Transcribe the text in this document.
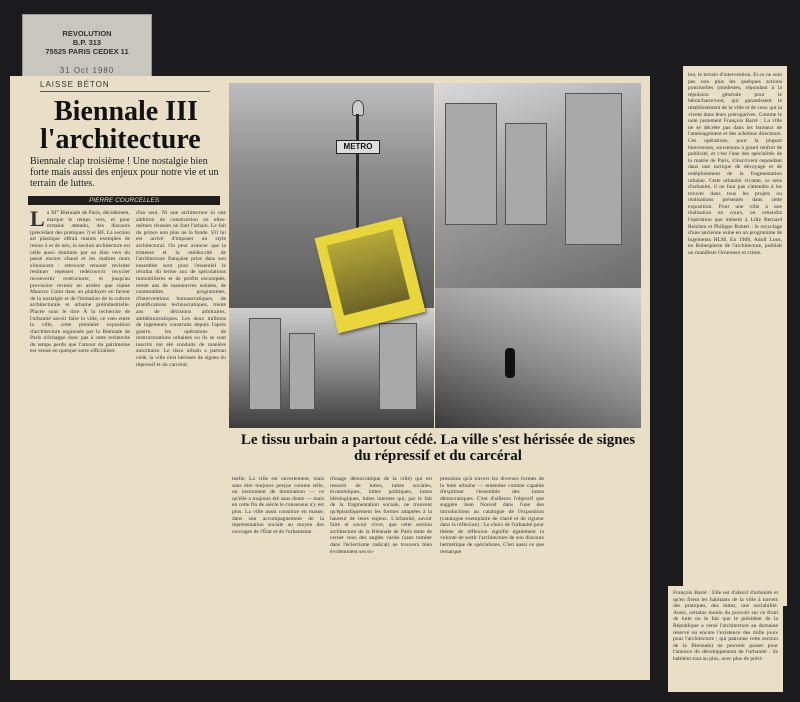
REVOLUTION
B.P. 313
75525 PARIS CEDEX 11
31 Oct 1980
LAISSE BÉTON
Biennale III
l'architecture
Biennale clap troisième ! Une nostalgie bien forte mais aussi des enjeux pour notre vie et un terrain de luttes.
PIERRE COURCELLES
L a XI° Biennale de Paris, décidément, marque le temps vers, et pour certains attendu, des discours (précédant des pratiques ?) et RF. La section art plastique offrait maints exemples de retour à et de néo, la section architecture est celle aussi dominée par un élan vers du passé encore chaud et les maîtres mots s'énoncent : retrouver renouer revisiter restituer repenser redécouvrir recycler reconvertir restructurer, et jusqu'au provisoire revenir en arrière que clame Maurice Culot dans un plaidoyer en faveur de la nostalgie et de l'imitation de la culture architecturale et urbaine préindustrielle. Placée sous le titre À la recherche de l'urbanité savoir faire la ville, ce vœu entre la ville, cette première exposition d'architecture organisée par la Biennale de Paris n'échappe donc pas à cette recherche du temps perdu que l'amour du patrimoine est venue en quelque sorte officialiser.
d'un seul. Ni une architecture ni une addition de construction en elles-mêmes réussies ne font l'urbain. Le fait du prince non plus ne la fonde. S'il lui est arrivé d'imposer un style architectural. On peut avancer que la tristesse et la médiocrité de l'architecture française prise dans son ensemble sont pour l'essentiel le résultat du terme aux de spéculations immobilières et de profits escomptés, trente ans de manœuvres soluées, de contestables programmes, d'interventions bureaucratiques, de planifications technocratiques, trente ans de décisions arbitraires, antidémocratiques. Les deux millions de logements construits depuis l'après guerre, les opérations de restructurations urbaines ou ils se sont inscrits ont été conduits de manière autoritaire. Le tissu urbain a partout cédé, la ville s'est hérissée de signes du répressif et du carcéral.
tuelle. La ville est ouvertement, mais sans être toujours perçue comme telle, un instrument de domination — ce qu'elle a toujours été sans doute — mais en cette fin de siècle le consensus n'y est plus. La ville aussi constitue en masse, dans son accompagnement de la représentation sociale au moyen des ouvrages de l'État et de l'urbanisme.
d'usage démocratique de la ville) qui est ressorti de luttes, luttes sociales, économiques, luttes politiques, luttes idéologiques, luttes internes qui, par le fait de la fragmentation sociale, ne trouvent qu'épisodiquement les formes adaptées à la hauteur de leurs enjeux. L'urbanité, savoir faire et savoir vivre, que cette section architecture de la Biennale de Paris tente de cerner sous des angles variés (sans tomber dans l'éclectisme radical) ne trouvera bien évidemment ses ex-
pressions qu'à travers les diverses formes de la lutte urbaine — entendue comme capable d'exprimer l'ensemble des luttes démocratiques. C'est d'ailleurs l'objectif que suggère Jean Nouvel dans l'une des introductions au catalogue de l'exposition (catalogue exemplaire de clarté et de rigueur dans la réflexion) : Le choix de l'urbanité pour thème de réflexion signifie également la volonté de sortir l'architecture de son discours hermétique de spécialistes. C'est aussi ce que remarque
METRO
Le tissu urbain a partout cédé. La ville s'est hérissée de signes du répressif et du carcéral
lon, le terrain d'intervention. Et ce ne sont pas non plus les quelques actions ponctuelles (modestes, répondant à la répulsion générale pour le béton/barre/tour, qui garantissent le rétablissement de la ville et de ceux qui la vivent dans leurs prérogatives. Comme le note justement François Barré : La ville ne se décrète pas dans les bureaux de l'aménagement et des schémas directeurs. Ces opérations, pour la plupart bienvenues, souvenons à grand renfort de publicité, et c'est l'une des spécialités de la mairie de Paris, s'inscrivent cependant dans une tactique de dévoyage et de redéploiement de la fragmentation urbaine. Cette urbanité vivante, ce sens d'urbanité, il ne faut pas s'attendre à les trouver dans tous les projets ou réalisations présentés dans cette exposition. Pour une ville à une réalisation en cours, on retiendra l'opération que mènent à Lille Bernard Reichen et Philippe Robert : le recyclage d'une ancienne usine en un programme de logements HLM. En 1908, Adolf Loos, en Robespierre de l'architecture, publiait un manifeste Ornement et crime.
François Barré : Elle est d'abord d'urbanité et qu'en firent les habitants de la ville à travers des pratiques, des luttes, une sociabilité. Aussi, certains moulu du pouvoir sur ce front de lutte ou le fait que le président de la République a versé l'architecture au domaine réservé ou encore l'existence des mille jours pour l'architecture ; qui patronne cette section de la Biennale) ne peuvent passer pour l'amorce du développement de l'urbanité : ils habitent tout au plus, avec plus de préci-
